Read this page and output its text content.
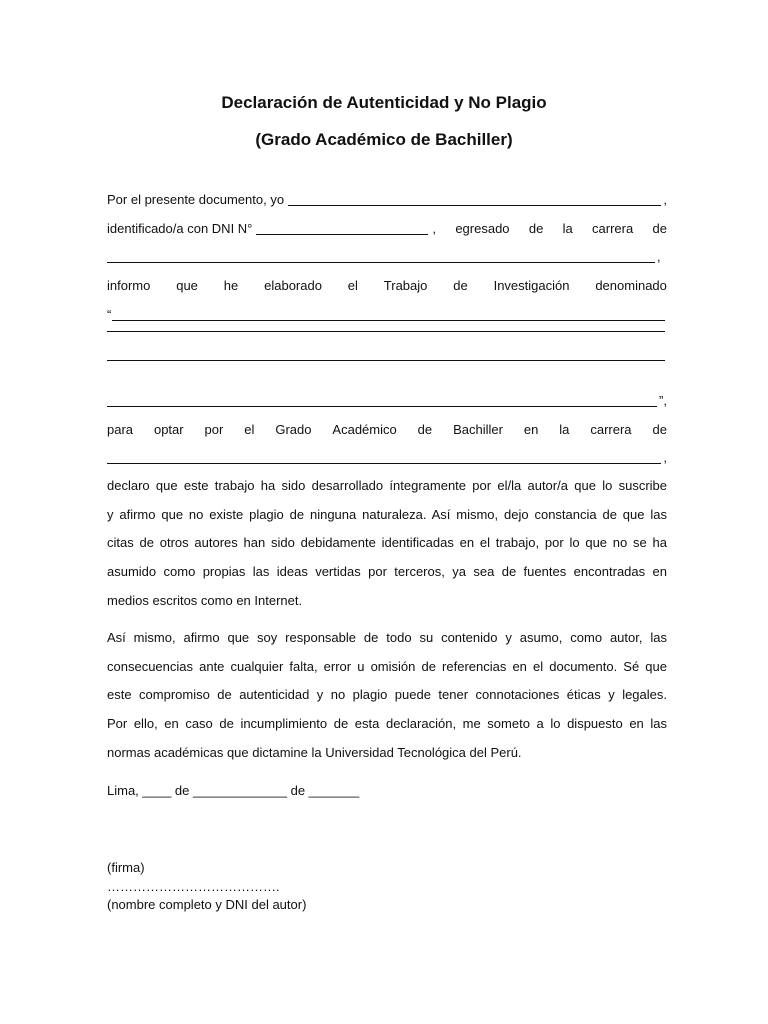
Declaración de Autenticidad y No Plagio
(Grado Académico de Bachiller)
Por el presente documento, yo	,
identificado/a con DNI N°	, egresado de la carrera de
,
informo que he elaborado el Trabajo de Investigación denominado
“
”,
para optar por el Grado Académico de Bachiller en la carrera de
,
declaro que este trabajo ha sido desarrollado íntegramente por el/la autor/a que lo suscribe
y afirmo que no existe plagio de ninguna naturaleza. Así mismo, dejo constancia de que las
citas de otros autores han sido debidamente identificadas en el trabajo, por lo que no se ha
asumido como propias las ideas vertidas por terceros, ya sea de fuentes encontradas en
medios escritos como en Internet.
Así mismo, afirmo que soy responsable de todo su contenido y asumo, como autor, las
consecuencias ante cualquier falta, error u omisión de referencias en el documento. Sé que
este compromiso de autenticidad y no plagio puede tener connotaciones éticas y legales.
Por ello, en caso de incumplimiento de esta declaración, me someto a lo dispuesto en las
normas académicas que dictamine la Universidad Tecnológica del Perú.
Lima, ____ de _____________ de _______
(firma)
………………………………….
(nombre completo y DNI del autor)
